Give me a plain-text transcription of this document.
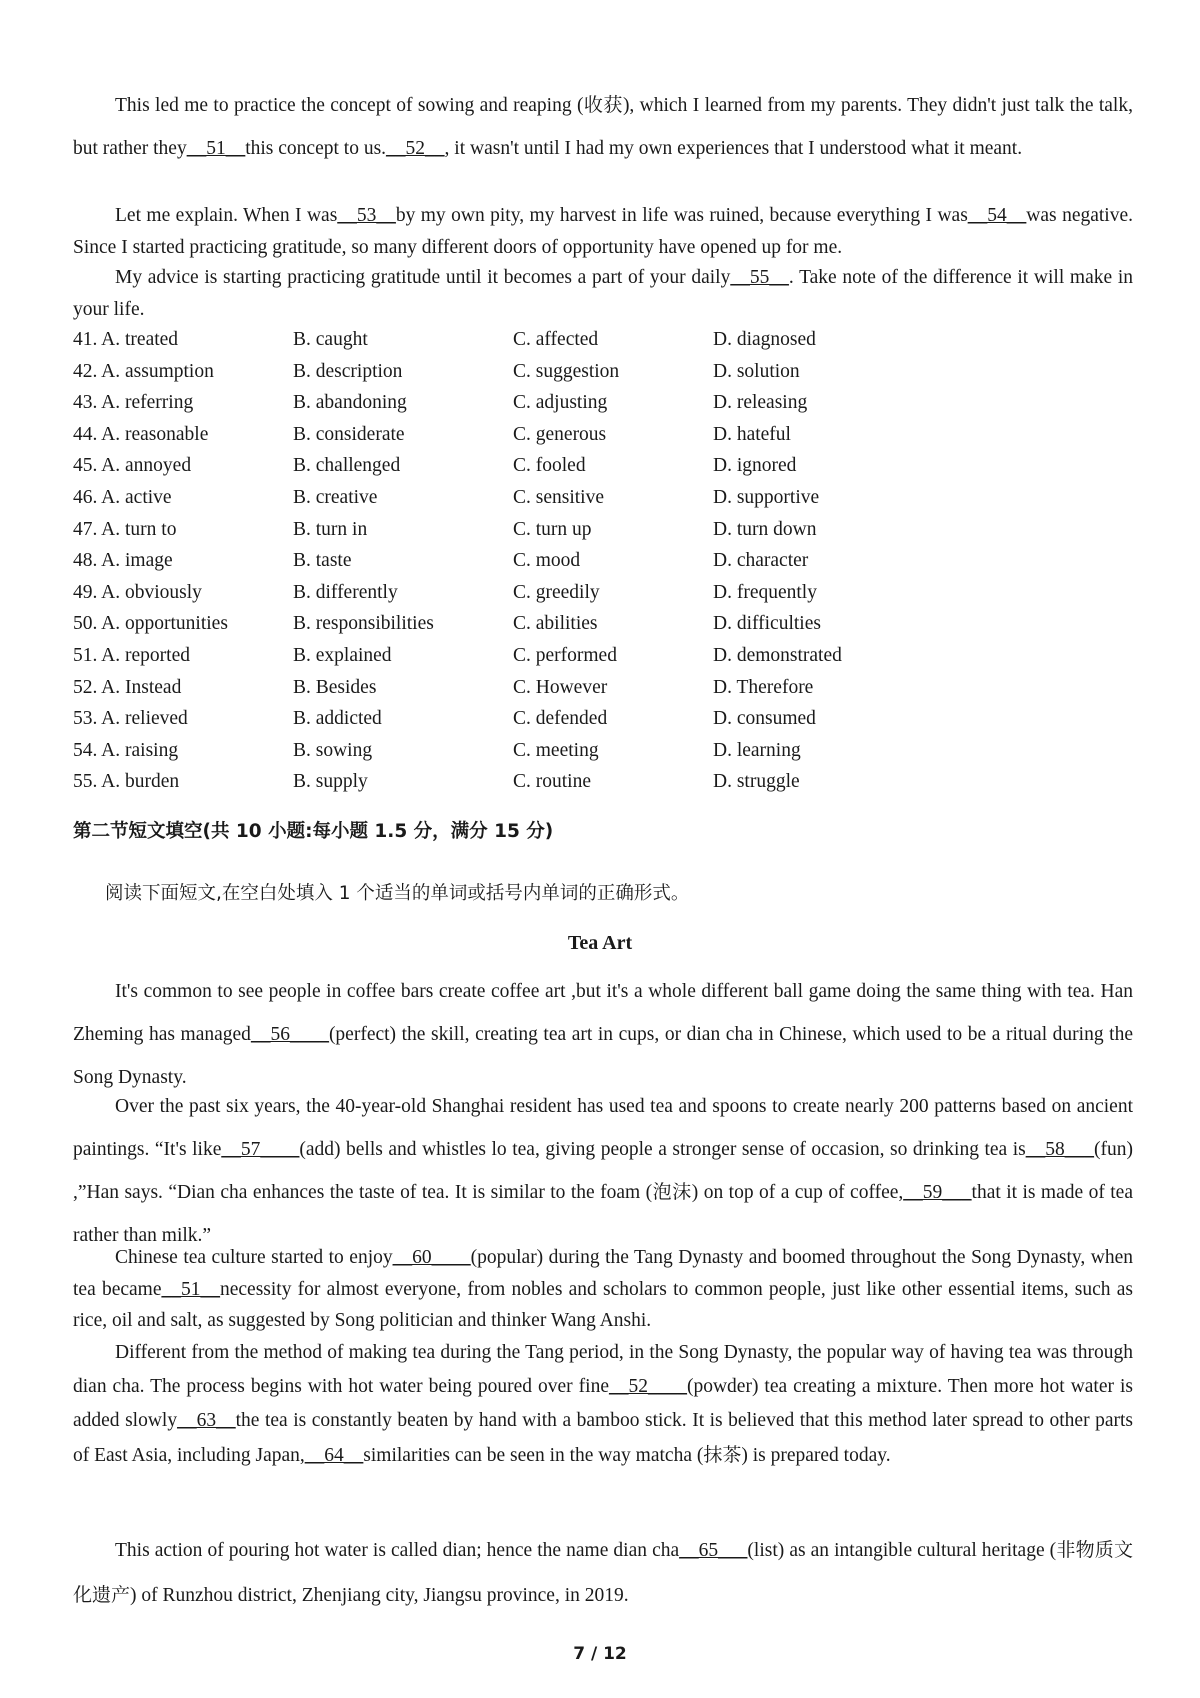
This led me to practice the concept of sowing and reaping (收获), which I learned from my parents. They didn't just talk the talk, but rather they__51__this concept to us.__52__, it wasn't until I had my own experiences that I understood what it meant.

Let me explain. When I was__53__by my own pity, my harvest in life was ruined, because everything I was__54__was negative. Since I started practicing gratitude, so many different doors of opportunity have opened up for me.

My advice is starting practicing gratitude until it becomes a part of your daily__55__. Take note of the difference it will make in your life.

41. A. treated	B. caught	C. affected	D. diagnosed
42. A. assumption	B. description	C. suggestion	D. solution
43. A. referring	B. abandoning	C. adjusting	D. releasing
44. A. reasonable	B. considerate	C. generous	D. hateful
45. A. annoyed	B. challenged	C. fooled	D. ignored
46. A. active	B. creative	C. sensitive	D. supportive
47. A. turn to	B. turn in	C. turn up	D. turn down
48. A. image	B. taste	C. mood	D. character
49. A. obviously	B. differently	C. greedily	D. frequently
50. A. opportunities	B. responsibilities	C. abilities	D. difficulties
51. A. reported	B. explained	C. performed	D. demonstrated
52. A. Instead	B. Besides	C. However	D. Therefore
53. A. relieved	B. addicted	C. defended	D. consumed
54. A. raising	B. sowing	C. meeting	D. learning
55. A. burden	B. supply	C. routine	D. struggle
第二节短文填空(共 10 小题:每小题 1.5 分，满分 15 分)
阅读下面短文,在空白处填入 1 个适当的单词或括号内单词的正确形式。
Tea Art

It's common to see people in coffee bars create coffee art ,but it's a whole different ball game doing the same thing with tea. Han Zheming has managed__56____(perfect) the skill, creating tea art in cups, or dian cha in Chinese, which used to be a ritual during the Song Dynasty.

Over the past six years, the 40-year-old Shanghai resident has used tea and spoons to create nearly 200 patterns based on ancient paintings. “It's like__57____(add) bells and whistles lo tea, giving people a stronger sense of occasion, so drinking tea is__58___(fun) ,”Han says. “Dian cha enhances the taste of tea. It is similar to the foam (泡沫) on top of a cup of coffee,__59___that it is made of tea rather than milk.”

Chinese tea culture started to enjoy__60____(popular) during the Tang Dynasty and boomed throughout the Song Dynasty, when tea became__51__necessity for almost everyone, from nobles and scholars to common people, just like other essential items, such as rice, oil and salt, as suggested by Song politician and thinker Wang Anshi.

Different from the method of making tea during the Tang period, in the Song Dynasty, the popular way of having tea was through dian cha. The process begins with hot water being poured over fine__52____(powder) tea creating a mixture. Then more hot water is added slowly__63__the tea is constantly beaten by hand with a bamboo stick. It is believed that this method later spread to other parts of East Asia, including Japan,__64__similarities can be seen in the way matcha (抹茶) is prepared today.

This action of pouring hot water is called dian; hence the name dian cha__65___(list) as an intangible cultural heritage (非物质文化遗产) of Runzhou district, Zhenjiang city, Jiangsu province, in 2019.

7 / 12
